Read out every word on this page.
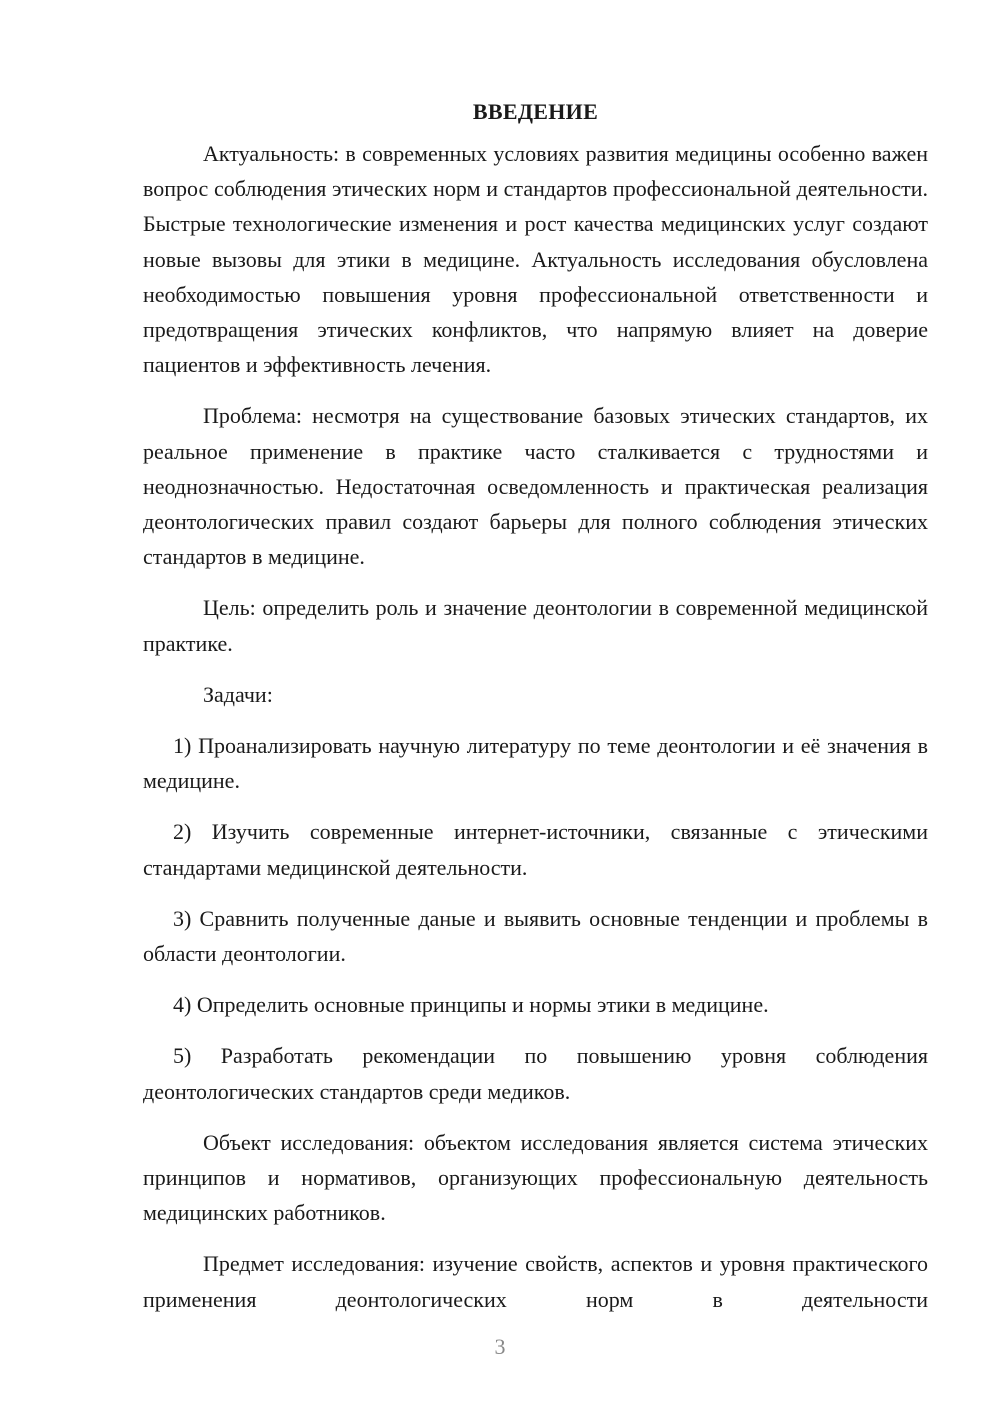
ВВЕДЕНИЕ

Актуальность: в современных условиях развития медицины особенно важен вопрос соблюдения этических норм и стандартов профессиональной деятельности. Быстрые технологические изменения и рост качества медицинских услуг создают новые вызовы для этики в медицине. Актуальность исследования обусловлена необходимостью повышения уровня профессиональной ответственности и предотвращения этических конфликтов, что напрямую влияет на доверие пациентов и эффективность лечения.

Проблема: несмотря на существование базовых этических стандартов, их реальное применение в практике часто сталкивается с трудностями и неоднозначностью. Недостаточная осведомленность и практическая реализация деонтологических правил создают барьеры для полного соблюдения этических стандартов в медицине.

Цель: определить роль и значение деонтологии в современной медицинской практике.

Задачи:

1) Проанализировать научную литературу по теме деонтологии и её значения в медицине.

2) Изучить современные интернет-источники, связанные с этическими стандартами медицинской деятельности.

3) Сравнить полученные даные и выявить основные тенденции и проблемы в области деонтологии.

4) Определить основные принципы и нормы этики в медицине.

5) Разработать рекомендации по повышению уровня соблюдения деонтологических стандартов среди медиков.

Объект исследования: объектом исследования является система этических принципов и нормативов, организующих профессиональную деятельность медицинских работников.

Предмет исследования: изучение свойств, аспектов и уровня практического применения деонтологических норм в деятельности

3
